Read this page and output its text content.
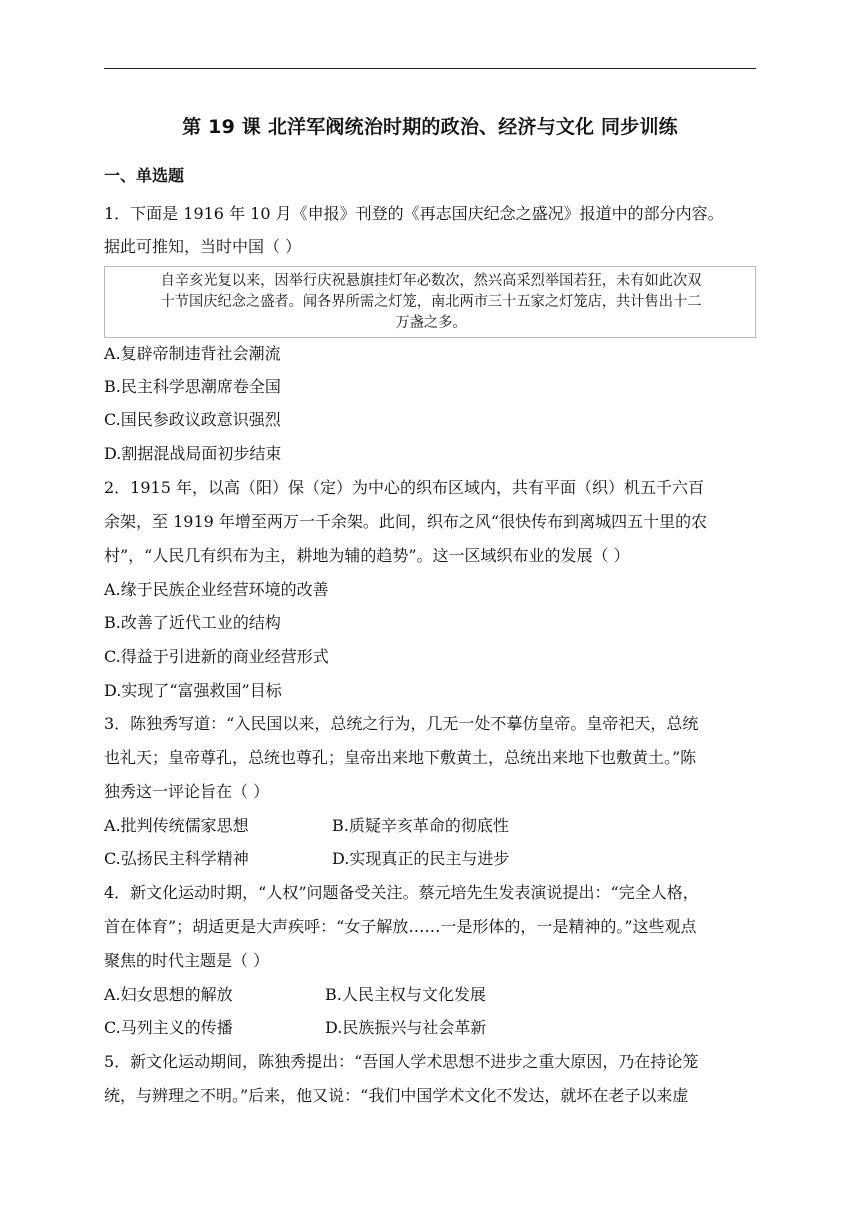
第 19 课 北洋军阀统治时期的政治、经济与文化 同步训练
一、单选题
1．下面是 1916 年 10 月《申报》刊登的《再志国庆纪念之盛况》报道中的部分内容。
据此可推知，当时中国（ ）
自辛亥光复以来，因举行庆祝悬旗挂灯年必数次，然兴高采烈举国若狂，未有如此次双
十节国庆纪念之盛者。闻各界所需之灯笼，南北两市三十五家之灯笼店，共计售出十二
万盏之多。
A.复辟帝制违背社会潮流
B.民主科学思潮席卷全国
C.国民参政议政意识强烈
D.割据混战局面初步结束
2．1915 年，以高（阳）保（定）为中心的织布区域内，共有平面（织）机五千六百
余架，至 1919 年增至两万一千余架。此间，织布之风“很快传布到离城四五十里的农
村”，“人民几有织布为主，耕地为辅的趋势”。这一区域织布业的发展（ ）
A.缘于民族企业经营环境的改善
B.改善了近代工业的结构
C.得益于引进新的商业经营形式
D.实现了“富强救国”目标
3．陈独秀写道：“入民国以来，总统之行为，几无一处不摹仿皇帝。皇帝祀天，总统
也礼天；皇帝尊孔，总统也尊孔；皇帝出来地下敷黄土，总统出来地下也敷黄土。”陈
独秀这一评论旨在（ ）
A.批判传统儒家思想	B.质疑辛亥革命的彻底性
C.弘扬民主科学精神	D.实现真正的民主与进步
4．新文化运动时期，“人权”问题备受关注。蔡元培先生发表演说提出：“完全人格，
首在体育”；胡适更是大声疾呼：“女子解放……一是形体的，一是精神的。”这些观点
聚焦的时代主题是（ ）
A.妇女思想的解放	B.人民主权与文化发展
C.马列主义的传播	D.民族振兴与社会革新
5．新文化运动期间，陈独秀提出：“吾国人学术思想不进步之重大原因，乃在持论笼
统，与辨理之不明。”后来，他又说：“我们中国学术文化不发达，就坏在老子以来虚
